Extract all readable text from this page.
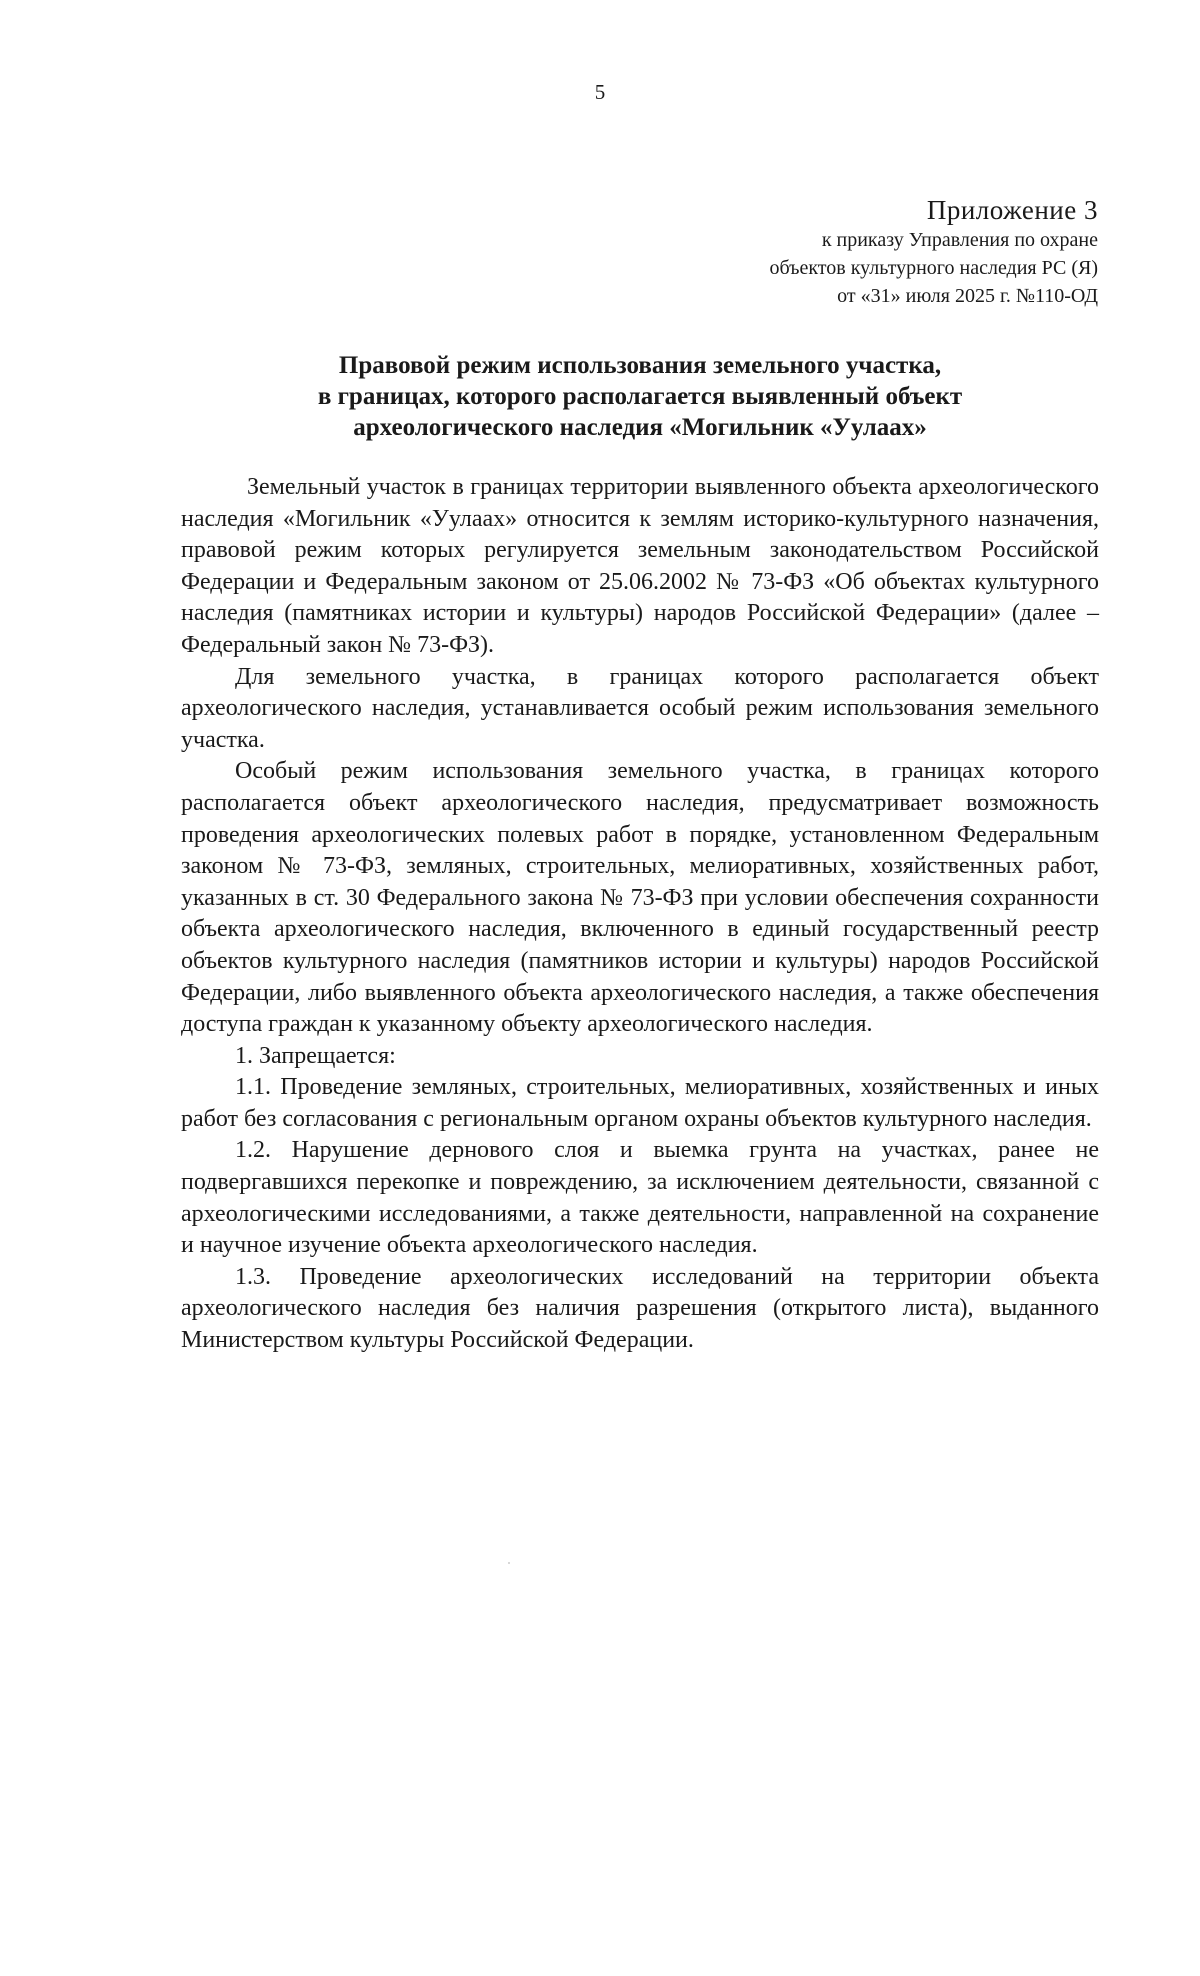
5
Приложение 3
к приказу Управления по охране
объектов культурного наследия РС (Я)
от «31» июля 2025 г. №110-ОД
Правовой режим использования земельного участка,
в границах, которого располагается выявленный объект
археологического наследия «Могильник «Уулаах»

Земельный участок в границах территории выявленного объекта археологического наследия «Могильник «Уулаах» относится к землям историко-культурного назначения, правовой режим которых регулируется земельным законодательством Российской Федерации и Федеральным законом от 25.06.2002 № 73-ФЗ «Об объектах культурного наследия (памятниках истории и культуры) народов Российской Федерации» (далее – Федеральный закон № 73-ФЗ).

Для земельного участка, в границах которого располагается объект археологического наследия, устанавливается особый режим использования земельного участка.

Особый режим использования земельного участка, в границах которого располагается объект археологического наследия, предусматривает возможность проведения археологических полевых работ в порядке, установленном Федеральным законом № 73-ФЗ, земляных, строительных, мелиоративных, хозяйственных работ, указанных в ст. 30 Федерального закона № 73-ФЗ при условии обеспечения сохранности объекта археологического наследия, включенного в единый государственный реестр объектов культурного наследия (памятников истории и культуры) народов Российской Федерации, либо выявленного объекта археологического наследия, а также обеспечения доступа граждан к указанному объекту археологического наследия.

1. Запрещается:

1.1. Проведение земляных, строительных, мелиоративных, хозяйственных и иных работ без согласования с региональным органом охраны объектов культурного наследия.

1.2. Нарушение дернового слоя и выемка грунта на участках, ранее не подвергавшихся перекопке и повреждению, за исключением деятельности, связанной с археологическими исследованиями, а также деятельности, направленной на сохранение и научное изучение объекта археологического наследия.

1.3. Проведение археологических исследований на территории объекта археологического наследия без наличия разрешения (открытого листа), выданного Министерством культуры Российской Федерации.
